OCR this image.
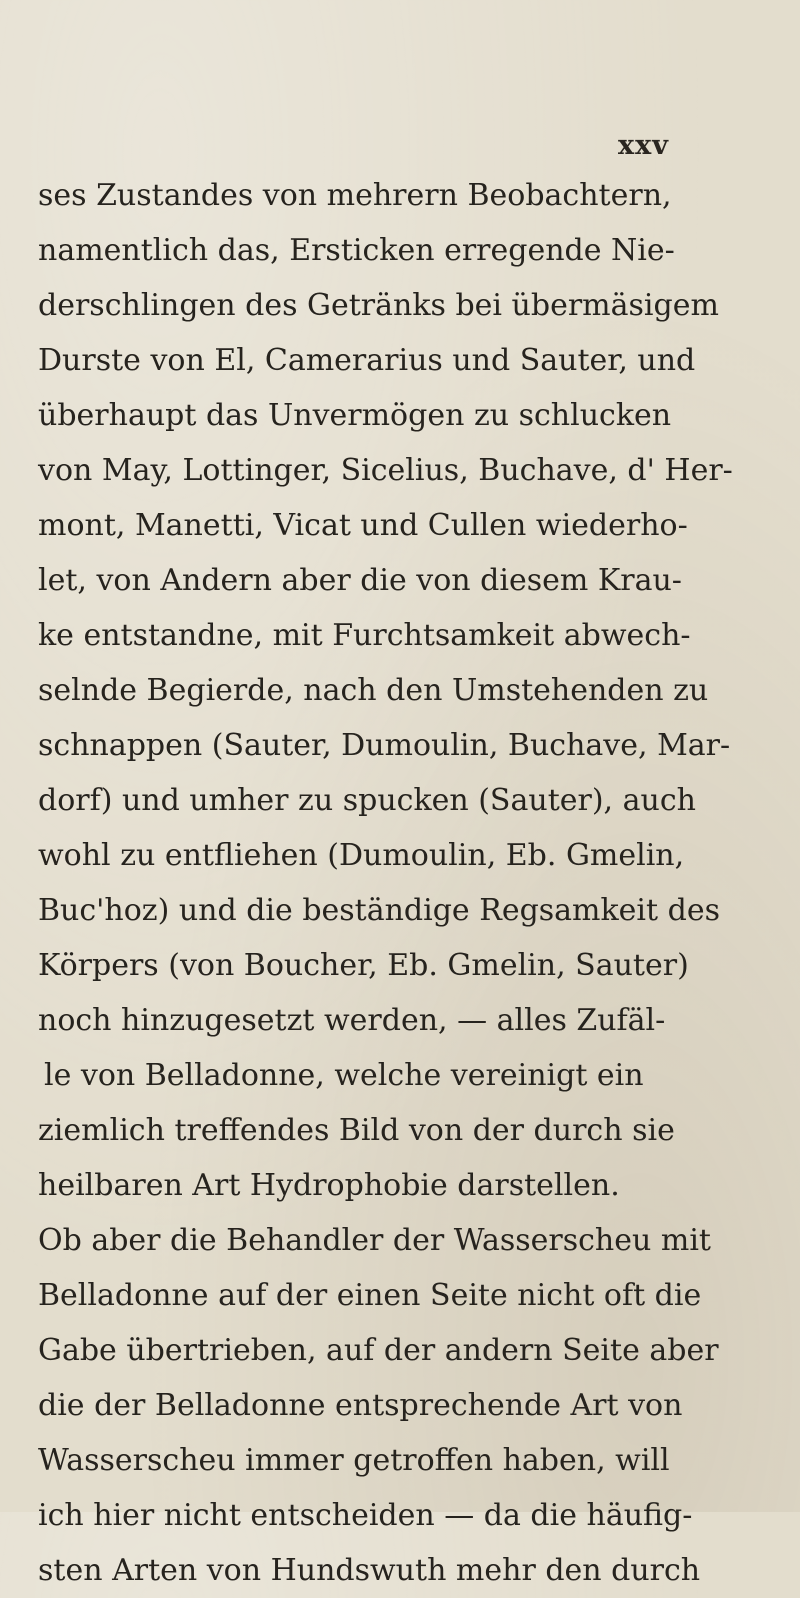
xxv
ses Zustandes von mehrern Beobachtern,
namentlich das, Ersticken erregende Nie-
derschlingen des Getränks bei übermäsigem
Durste von El, Camerarius und Sauter, und
überhaupt das Unvermögen zu schlucken
von May, Lottinger, Sicelius, Buchave, d' Her-
mont, Manetti, Vicat und Cullen wiederho-
let, von Andern aber die von diesem Krau-
ke entstandne, mit Furchtsamkeit abwech-
selnde Begierde, nach den Umstehenden zu
schnappen (Sauter, Dumoulin, Buchave, Mar-
dorf) und umher zu spucken (Sauter), auch
wohl zu entfliehen (Dumoulin, Eb. Gmelin,
Buc'hoz) und die beständige Regsamkeit des
Körpers (von Boucher, Eb. Gmelin, Sauter)
noch hinzugesetzt werden, — alles Zufäl-
le von Belladonne, welche vereinigt ein
ziemlich treffendes Bild von der durch sie
heilbaren Art Hydrophobie darstellen.
Ob aber die Behandler der Wasserscheu mit
Belladonne auf der einen Seite nicht oft die
Gabe übertrieben, auf der andern Seite aber
die der Belladonne entsprechende Art von
Wasserscheu immer getroffen haben, will
ich hier nicht entscheiden — da die häufig-
sten Arten von Hundswuth mehr den durch
